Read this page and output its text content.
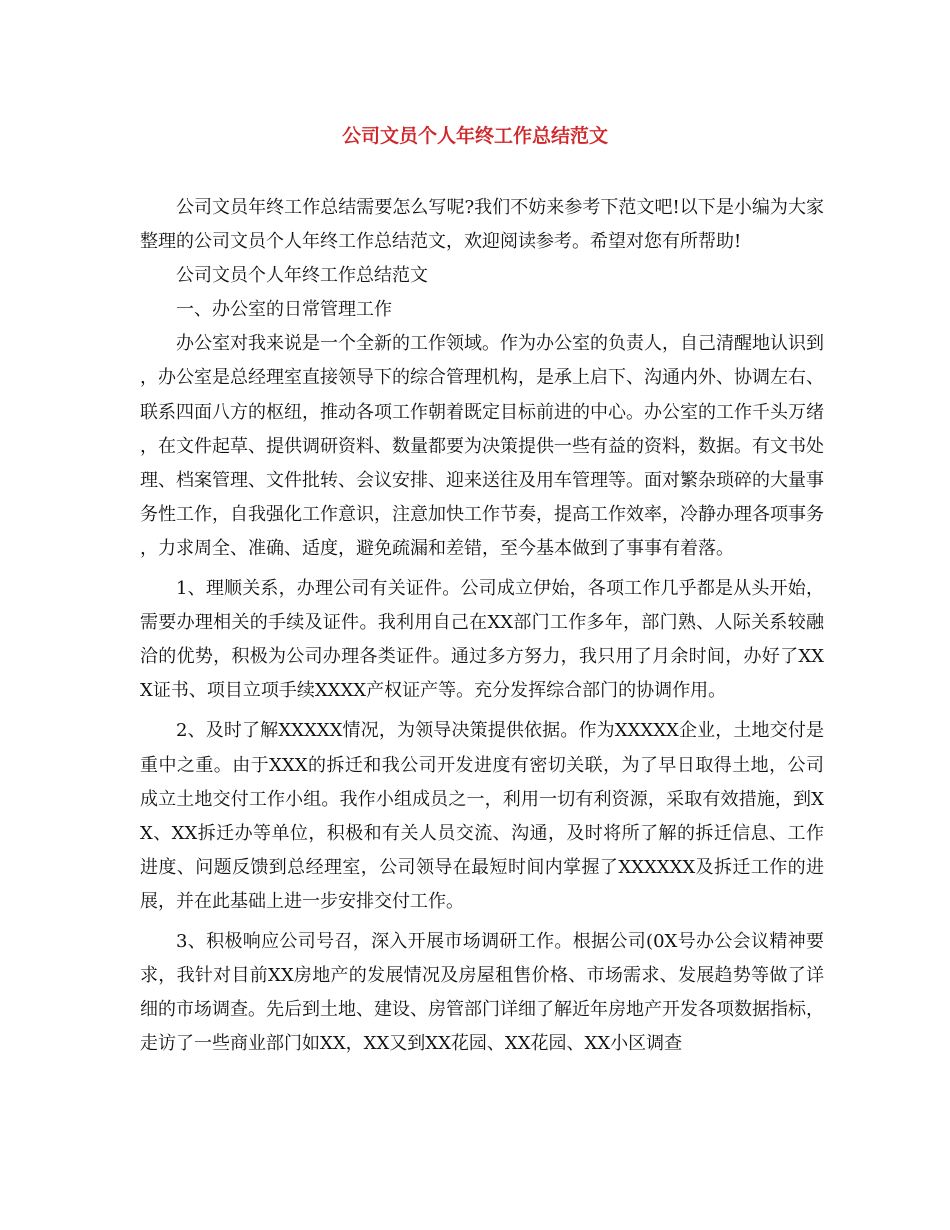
公司文员个人年终工作总结范文

公司文员年终工作总结需要怎么写呢?我们不妨来参考下范文吧!以下是小编为大家整理的公司文员个人年终工作总结范文，欢迎阅读参考。希望对您有所帮助!

公司文员个人年终工作总结范文

一、办公室的日常管理工作

办公室对我来说是一个全新的工作领域。作为办公室的负责人，自己清醒地认识到，办公室是总经理室直接领导下的综合管理机构，是承上启下、沟通内外、协调左右、联系四面八方的枢纽，推动各项工作朝着既定目标前进的中心。办公室的工作千头万绪，在文件起草、提供调研资料、数量都要为决策提供一些有益的资料，数据。有文书处理、档案管理、文件批转、会议安排、迎来送往及用车管理等。面对繁杂琐碎的大量事务性工作，自我强化工作意识，注意加快工作节奏，提高工作效率，冷静办理各项事务，力求周全、准确、适度，避免疏漏和差错，至今基本做到了事事有着落。

1、理顺关系，办理公司有关证件。公司成立伊始，各项工作几乎都是从头开始，需要办理相关的手续及证件。我利用自己在XX部门工作多年，部门熟、人际关系较融洽的优势，积极为公司办理各类证件。通过多方努力，我只用了月余时间，办好了XXX证书、项目立项手续XXXX产权证产等。充分发挥综合部门的协调作用。

2、及时了解XXXXX情况，为领导决策提供依据。作为XXXXX企业，土地交付是重中之重。由于XXX的拆迁和我公司开发进度有密切关联，为了早日取得土地，公司成立土地交付工作小组。我作小组成员之一，利用一切有利资源，采取有效措施，到XX、XX拆迁办等单位，积极和有关人员交流、沟通，及时将所了解的拆迁信息、工作进度、问题反馈到总经理室，公司领导在最短时间内掌握了XXXXXX及拆迁工作的进展，并在此基础上进一步安排交付工作。

3、积极响应公司号召，深入开展市场调研工作。根据公司(0X号办公会议精神要求，我针对目前XX房地产的发展情况及房屋租售价格、市场需求、发展趋势等做了详细的市场调查。先后到土地、建设、房管部门详细了解近年房地产开发各项数据指标，走访了一些商业部门如XX，XX又到XX花园、XX花园、XX小区调查
